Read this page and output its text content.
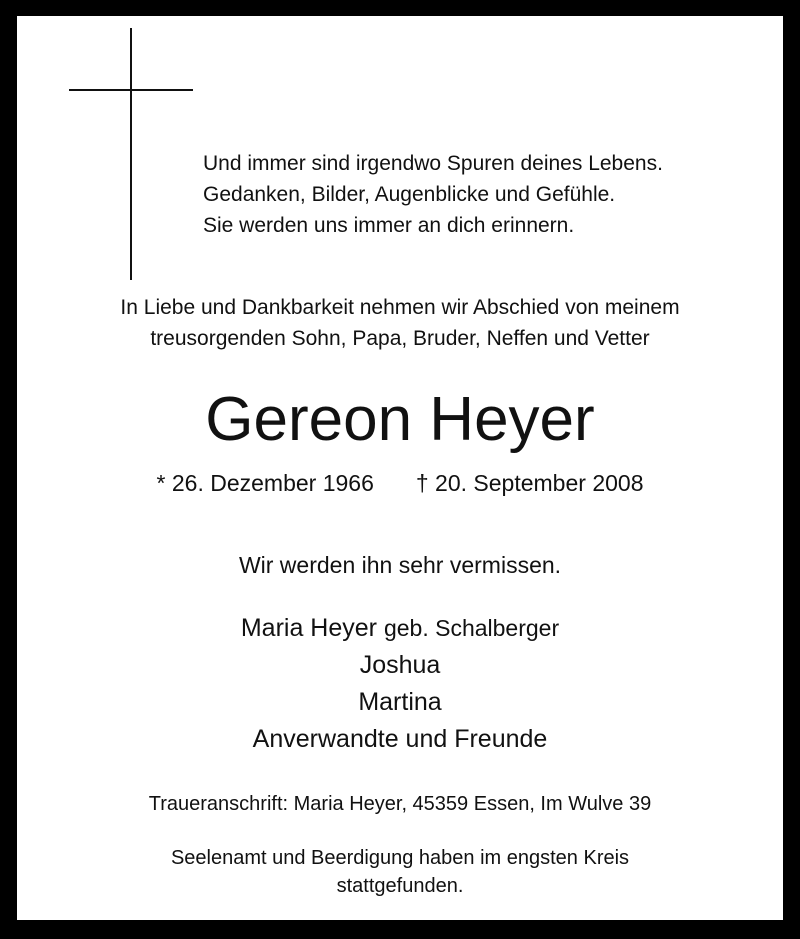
Und immer sind irgendwo Spuren deines Lebens.
Gedanken, Bilder, Augenblicke und Gefühle.
Sie werden uns immer an dich erinnern.
In Liebe und Dankbarkeit nehmen wir Abschied von meinem
treusorgenden Sohn, Papa, Bruder, Neffen und Vetter
Gereon Heyer
* 26. Dezember 1966 † 20. September 2008
Wir werden ihn sehr vermissen.
Maria Heyer geb. Schalberger
Joshua
Martina
Anverwandte und Freunde
Traueranschrift: Maria Heyer, 45359 Essen, Im Wulve 39
Seelenamt und Beerdigung haben im engsten Kreis
stattgefunden.
